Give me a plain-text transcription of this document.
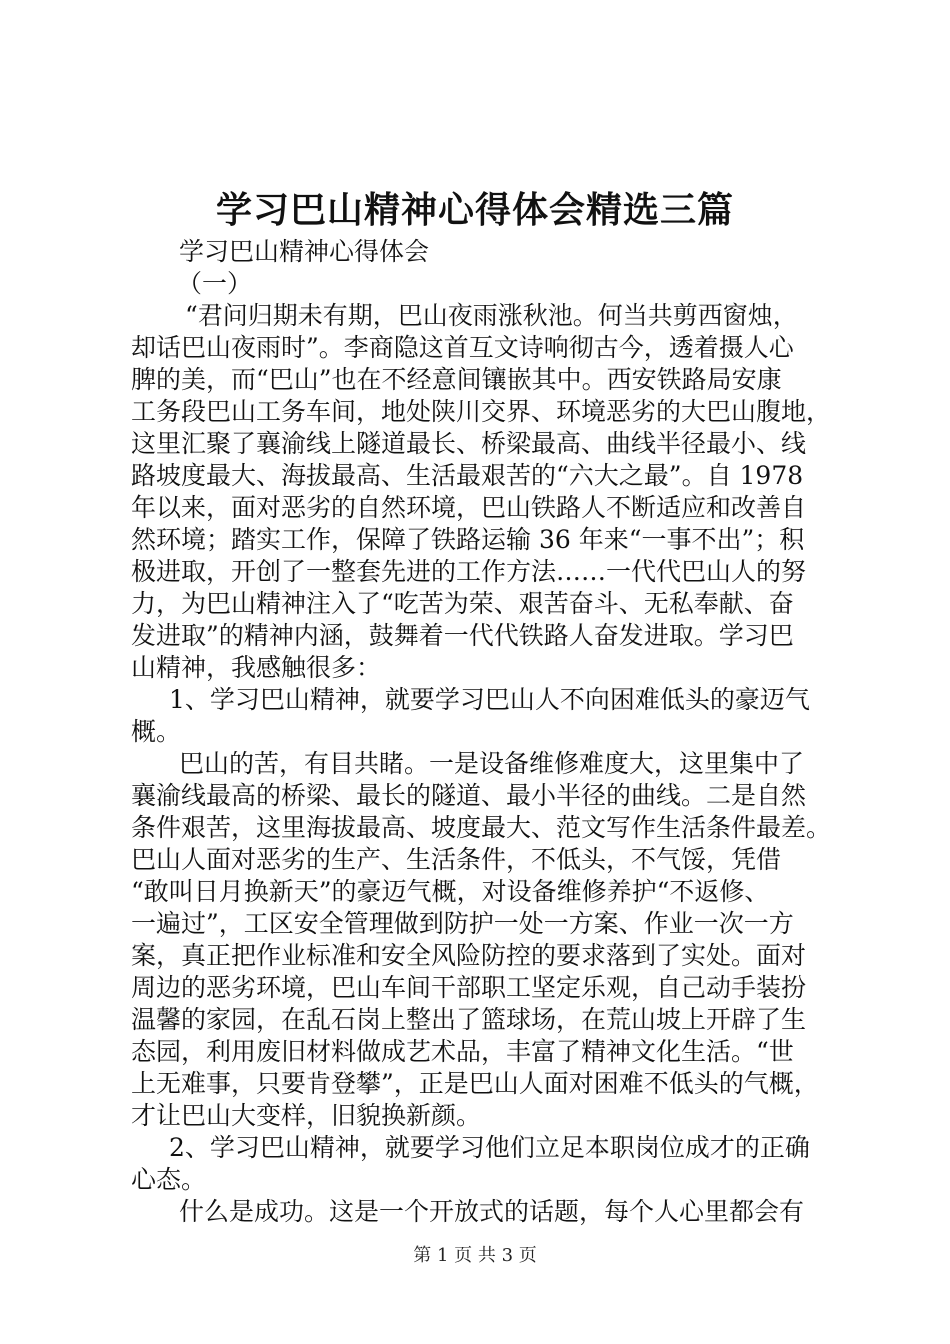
学习巴山精神心得体会精选三篇

学习巴山精神心得体会

（一）

“君问归期未有期，巴山夜雨涨秋池。何当共剪西窗烛，

却话巴山夜雨时”。李商隐这首互文诗响彻古今，透着摄人心

脾的美，而“巴山”也在不经意间镶嵌其中。西安铁路局安康

工务段巴山工务车间，地处陕川交界、环境恶劣的大巴山腹地，

这里汇聚了襄渝线上隧道最长、桥梁最高、曲线半径最小、线

路坡度最大、海拔最高、生活最艰苦的“六大之最”。自 1978

年以来，面对恶劣的自然环境，巴山铁路人不断适应和改善自

然环境；踏实工作，保障了铁路运输 36 年来“一事不出”；积

极进取，开创了一整套先进的工作方法……一代代巴山人的努

力，为巴山精神注入了“吃苦为荣、艰苦奋斗、无私奉献、奋

发进取”的精神内涵，鼓舞着一代代铁路人奋发进取。学习巴

山精神，我感触很多：

1、学习巴山精神，就要学习巴山人不向困难低头的豪迈气

概。

巴山的苦，有目共睹。一是设备维修难度大，这里集中了

襄渝线最高的桥梁、最长的隧道、最小半径的曲线。二是自然

条件艰苦，这里海拔最高、坡度最大、范文写作生活条件最差。

巴山人面对恶劣的生产、生活条件，不低头，不气馁，凭借

“敢叫日月换新天”的豪迈气概，对设备维修养护“不返修、

一遍过”，工区安全管理做到防护一处一方案、作业一次一方

案，真正把作业标准和安全风险防控的要求落到了实处。面对

周边的恶劣环境，巴山车间干部职工坚定乐观，自己动手装扮

温馨的家园，在乱石岗上整出了篮球场，在荒山坡上开辟了生

态园，利用废旧材料做成艺术品，丰富了精神文化生活。“世

上无难事，只要肯登攀”，正是巴山人面对困难不低头的气概，

才让巴山大变样，旧貌换新颜。

2、学习巴山精神，就要学习他们立足本职岗位成才的正确

心态。

什么是成功。这是一个开放式的话题，每个人心里都会有

第 1 页 共 3 页
